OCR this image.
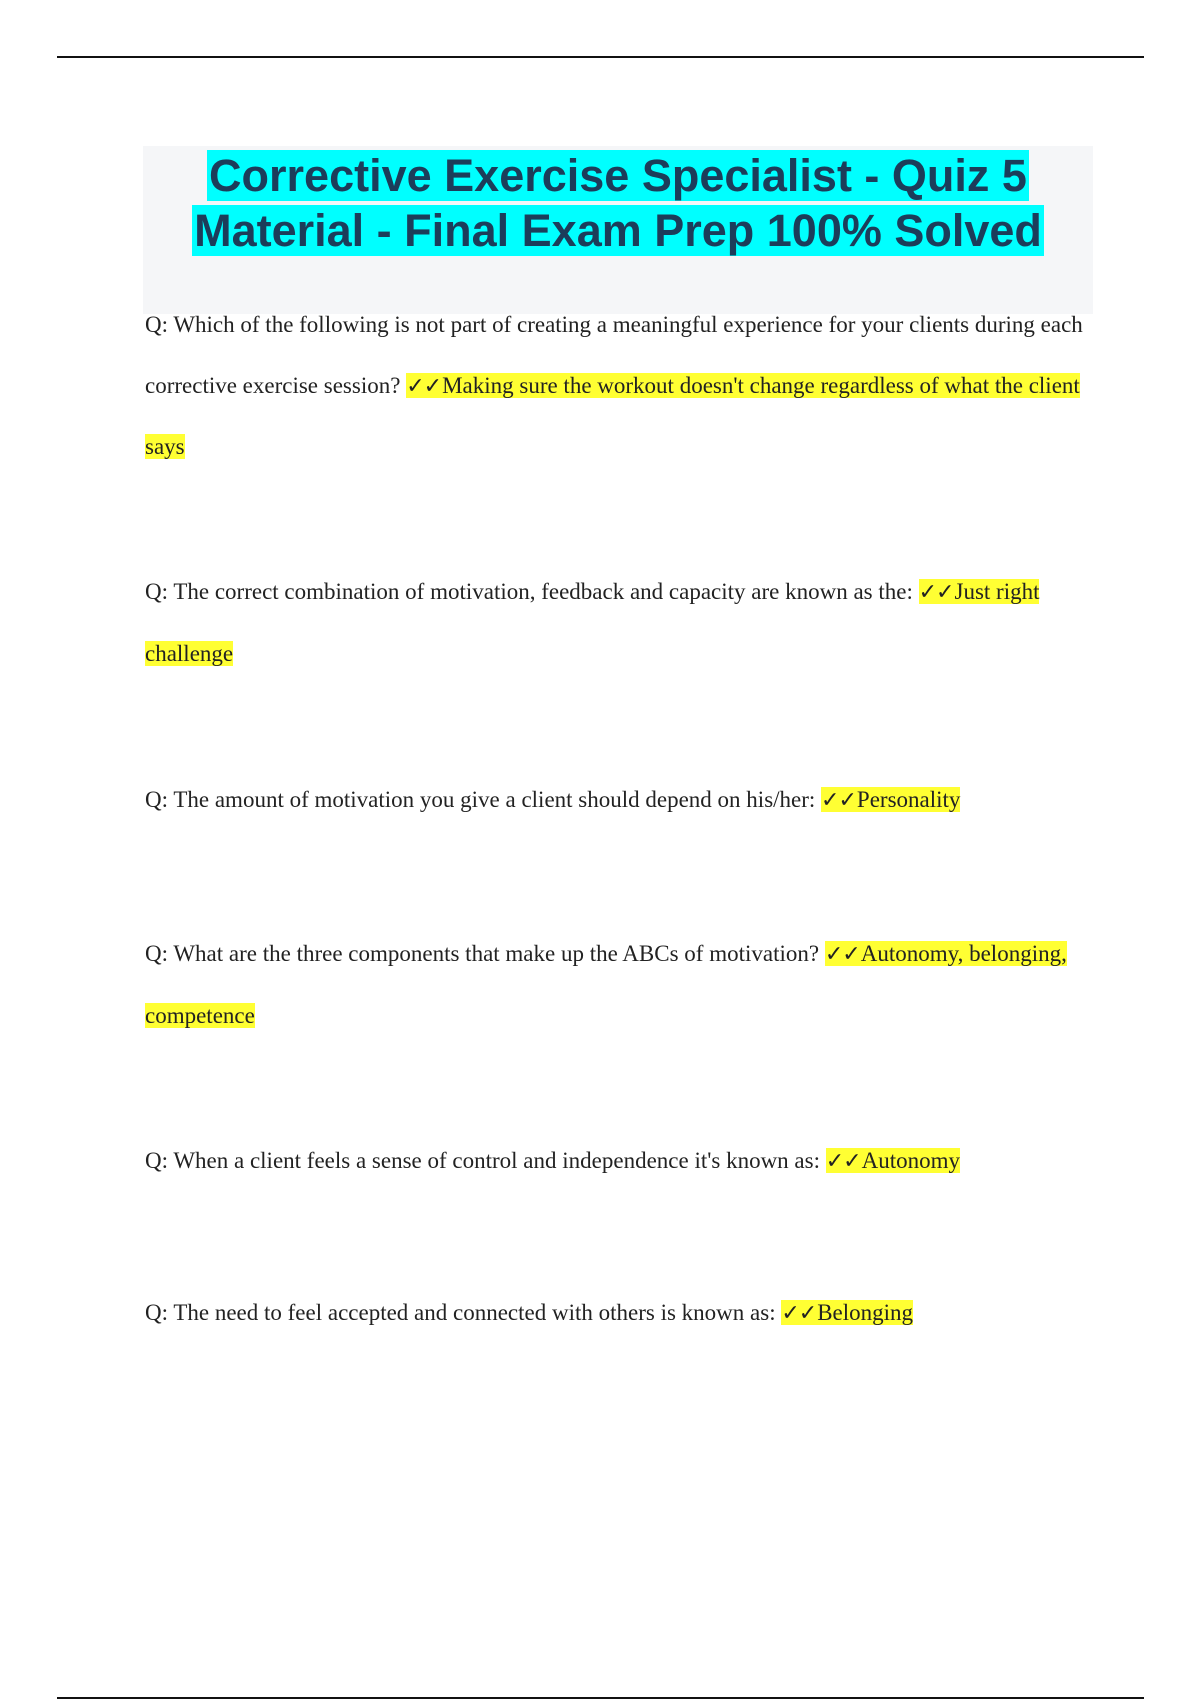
Corrective Exercise Specialist - Quiz 5 Material - Final Exam Prep 100% Solved

Q: Which of the following is not part of creating a meaningful experience for your clients during each corrective exercise session? ✓✓Making sure the workout doesn't change regardless of what the client says

Q: The correct combination of motivation, feedback and capacity are known as the: ✓✓Just right challenge

Q: The amount of motivation you give a client should depend on his/her: ✓✓Personality

Q: What are the three components that make up the ABCs of motivation? ✓✓Autonomy, belonging, competence

Q: When a client feels a sense of control and independence it's known as: ✓✓Autonomy

Q: The need to feel accepted and connected with others is known as: ✓✓Belonging
